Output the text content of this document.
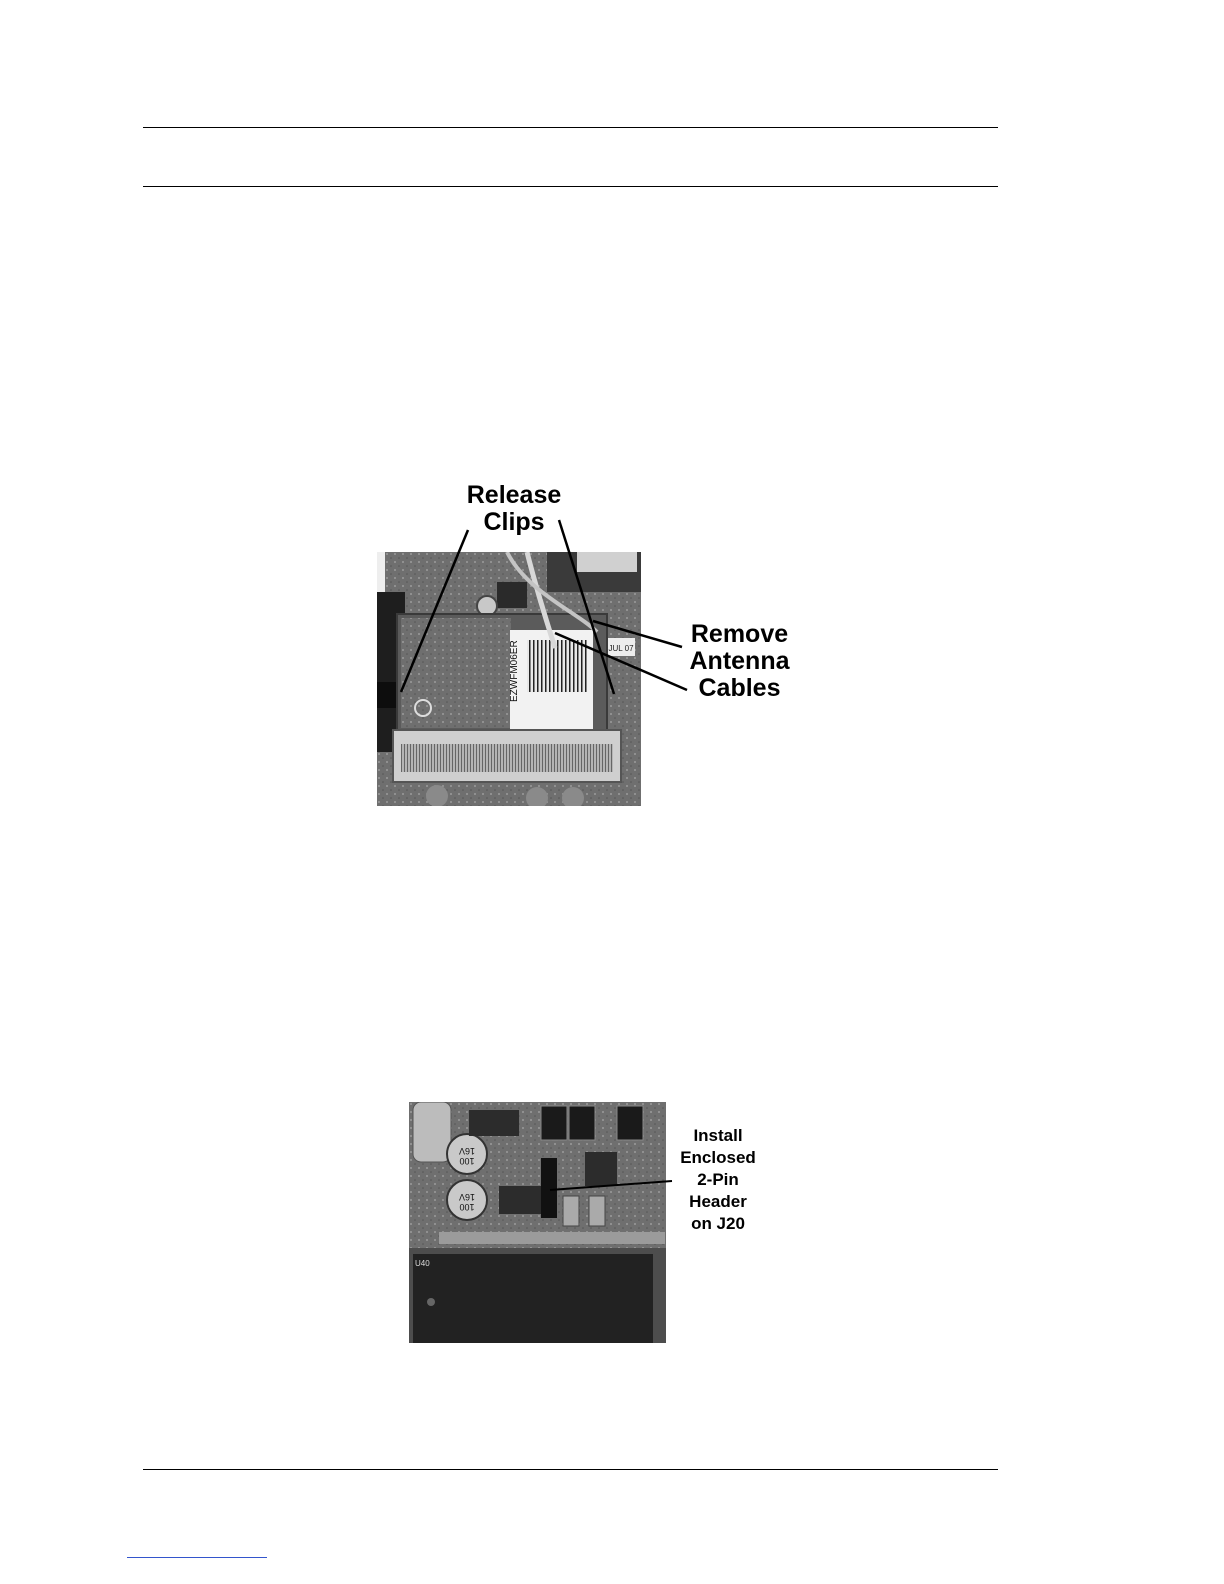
JUL 07
EZWFM06ER
Release
Clips
Remove
Antenna
Cables
10016V
10016V
U40
Install
Enclosed
2-Pin
Header
on J20
